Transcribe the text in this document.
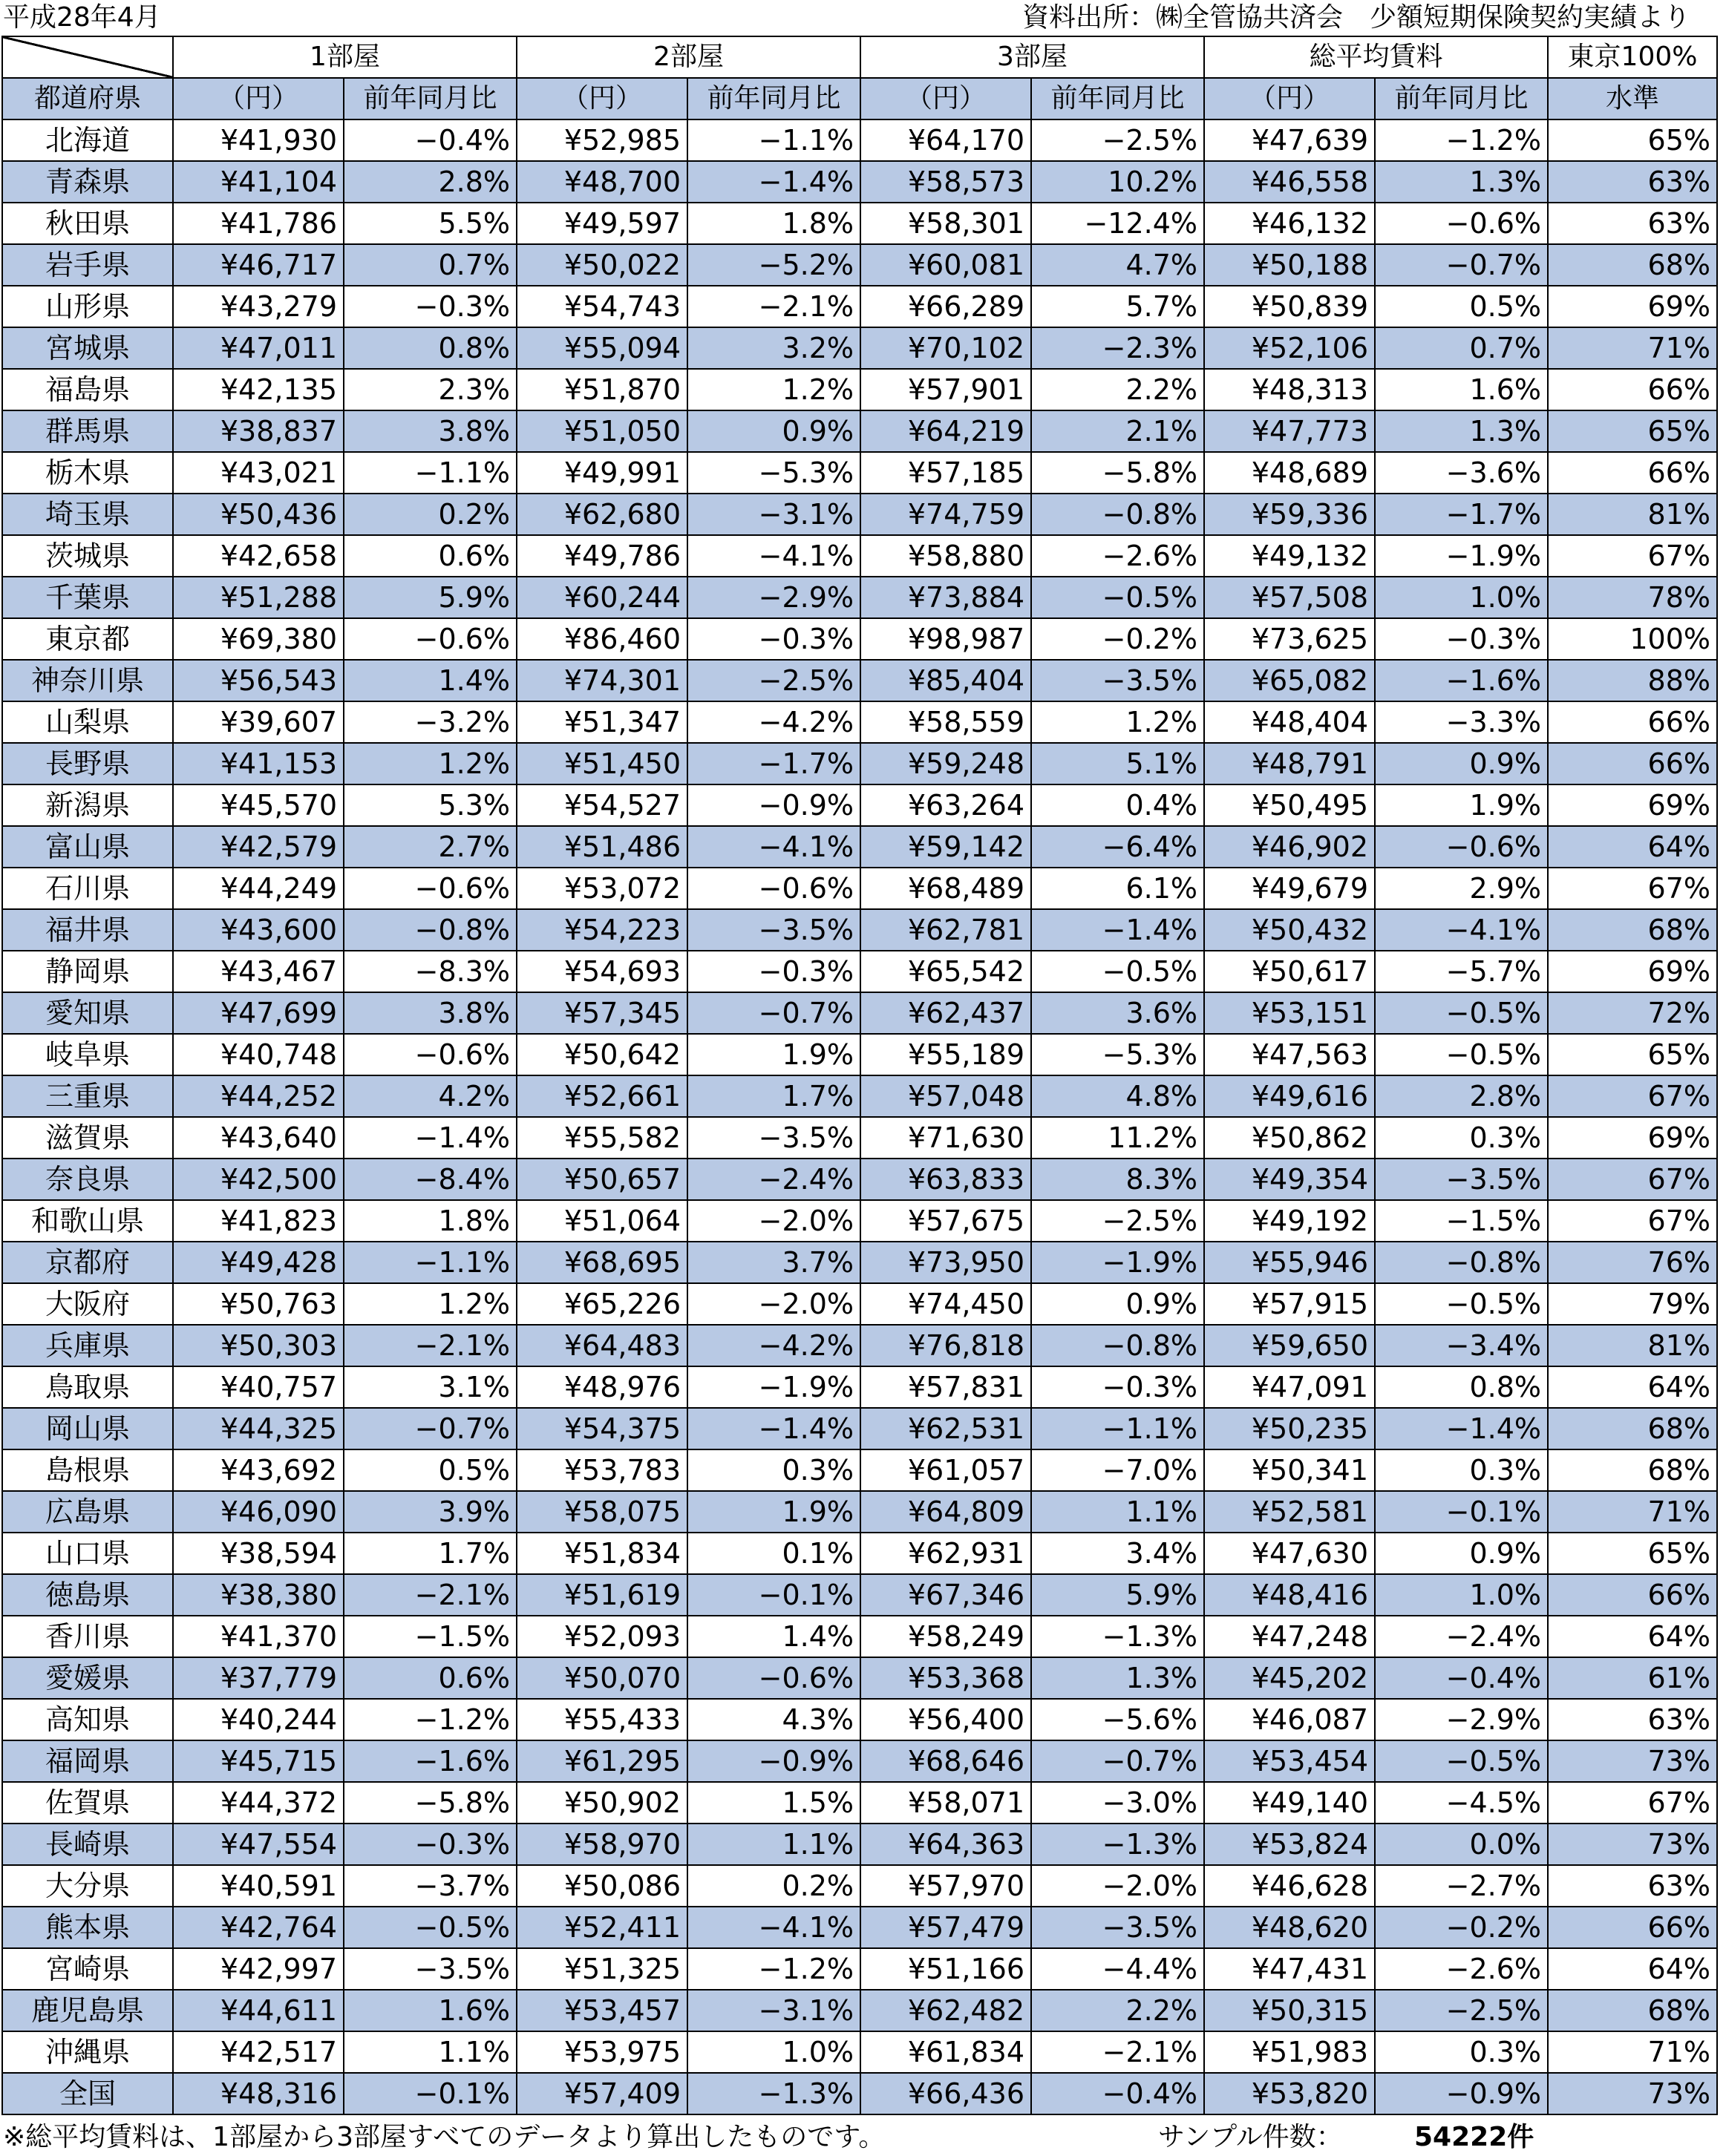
平成28年4月	資料出所：㈱全管協共済会　少額短期保険契約実績より
	1部屋		2部屋		3部屋		総平均賃料		東京100%
都道府県	（円）	前年同月比	（円）	前年同月比	（円）	前年同月比	（円）	前年同月比	水準
北海道	¥41,930	−0.4%	¥52,985	−1.1%	¥64,170	−2.5%	¥47,639	−1.2%	65%
青森県	¥41,104	2.8%	¥48,700	−1.4%	¥58,573	10.2%	¥46,558	1.3%	63%
秋田県	¥41,786	5.5%	¥49,597	1.8%	¥58,301	−12.4%	¥46,132	−0.6%	63%
岩手県	¥46,717	0.7%	¥50,022	−5.2%	¥60,081	4.7%	¥50,188	−0.7%	68%
山形県	¥43,279	−0.3%	¥54,743	−2.1%	¥66,289	5.7%	¥50,839	0.5%	69%
宮城県	¥47,011	0.8%	¥55,094	3.2%	¥70,102	−2.3%	¥52,106	0.7%	71%
福島県	¥42,135	2.3%	¥51,870	1.2%	¥57,901	2.2%	¥48,313	1.6%	66%
群馬県	¥38,837	3.8%	¥51,050	0.9%	¥64,219	2.1%	¥47,773	1.3%	65%
栃木県	¥43,021	−1.1%	¥49,991	−5.3%	¥57,185	−5.8%	¥48,689	−3.6%	66%
埼玉県	¥50,436	0.2%	¥62,680	−3.1%	¥74,759	−0.8%	¥59,336	−1.7%	81%
茨城県	¥42,658	0.6%	¥49,786	−4.1%	¥58,880	−2.6%	¥49,132	−1.9%	67%
千葉県	¥51,288	5.9%	¥60,244	−2.9%	¥73,884	−0.5%	¥57,508	1.0%	78%
東京都	¥69,380	−0.6%	¥86,460	−0.3%	¥98,987	−0.2%	¥73,625	−0.3%	100%
神奈川県	¥56,543	1.4%	¥74,301	−2.5%	¥85,404	−3.5%	¥65,082	−1.6%	88%
山梨県	¥39,607	−3.2%	¥51,347	−4.2%	¥58,559	1.2%	¥48,404	−3.3%	66%
長野県	¥41,153	1.2%	¥51,450	−1.7%	¥59,248	5.1%	¥48,791	0.9%	66%
新潟県	¥45,570	5.3%	¥54,527	−0.9%	¥63,264	0.4%	¥50,495	1.9%	69%
富山県	¥42,579	2.7%	¥51,486	−4.1%	¥59,142	−6.4%	¥46,902	−0.6%	64%
石川県	¥44,249	−0.6%	¥53,072	−0.6%	¥68,489	6.1%	¥49,679	2.9%	67%
福井県	¥43,600	−0.8%	¥54,223	−3.5%	¥62,781	−1.4%	¥50,432	−4.1%	68%
静岡県	¥43,467	−8.3%	¥54,693	−0.3%	¥65,542	−0.5%	¥50,617	−5.7%	69%
愛知県	¥47,699	3.8%	¥57,345	−0.7%	¥62,437	3.6%	¥53,151	−0.5%	72%
岐阜県	¥40,748	−0.6%	¥50,642	1.9%	¥55,189	−5.3%	¥47,563	−0.5%	65%
三重県	¥44,252	4.2%	¥52,661	1.7%	¥57,048	4.8%	¥49,616	2.8%	67%
滋賀県	¥43,640	−1.4%	¥55,582	−3.5%	¥71,630	11.2%	¥50,862	0.3%	69%
奈良県	¥42,500	−8.4%	¥50,657	−2.4%	¥63,833	8.3%	¥49,354	−3.5%	67%
和歌山県	¥41,823	1.8%	¥51,064	−2.0%	¥57,675	−2.5%	¥49,192	−1.5%	67%
京都府	¥49,428	−1.1%	¥68,695	3.7%	¥73,950	−1.9%	¥55,946	−0.8%	76%
大阪府	¥50,763	1.2%	¥65,226	−2.0%	¥74,450	0.9%	¥57,915	−0.5%	79%
兵庫県	¥50,303	−2.1%	¥64,483	−4.2%	¥76,818	−0.8%	¥59,650	−3.4%	81%
鳥取県	¥40,757	3.1%	¥48,976	−1.9%	¥57,831	−0.3%	¥47,091	0.8%	64%
岡山県	¥44,325	−0.7%	¥54,375	−1.4%	¥62,531	−1.1%	¥50,235	−1.4%	68%
島根県	¥43,692	0.5%	¥53,783	0.3%	¥61,057	−7.0%	¥50,341	0.3%	68%
広島県	¥46,090	3.9%	¥58,075	1.9%	¥64,809	1.1%	¥52,581	−0.1%	71%
山口県	¥38,594	1.7%	¥51,834	0.1%	¥62,931	3.4%	¥47,630	0.9%	65%
徳島県	¥38,380	−2.1%	¥51,619	−0.1%	¥67,346	5.9%	¥48,416	1.0%	66%
香川県	¥41,370	−1.5%	¥52,093	1.4%	¥58,249	−1.3%	¥47,248	−2.4%	64%
愛媛県	¥37,779	0.6%	¥50,070	−0.6%	¥53,368	1.3%	¥45,202	−0.4%	61%
高知県	¥40,244	−1.2%	¥55,433	4.3%	¥56,400	−5.6%	¥46,087	−2.9%	63%
福岡県	¥45,715	−1.6%	¥61,295	−0.9%	¥68,646	−0.7%	¥53,454	−0.5%	73%
佐賀県	¥44,372	−5.8%	¥50,902	1.5%	¥58,071	−3.0%	¥49,140	−4.5%	67%
長崎県	¥47,554	−0.3%	¥58,970	1.1%	¥64,363	−1.3%	¥53,824	0.0%	73%
大分県	¥40,591	−3.7%	¥50,086	0.2%	¥57,970	−2.0%	¥46,628	−2.7%	63%
熊本県	¥42,764	−0.5%	¥52,411	−4.1%	¥57,479	−3.5%	¥48,620	−0.2%	66%
宮崎県	¥42,997	−3.5%	¥51,325	−1.2%	¥51,166	−4.4%	¥47,431	−2.6%	64%
鹿児島県	¥44,611	1.6%	¥53,457	−3.1%	¥62,482	2.2%	¥50,315	−2.5%	68%
沖縄県	¥42,517	1.1%	¥53,975	1.0%	¥61,834	−2.1%	¥51,983	0.3%	71%
全国	¥48,316	−0.1%	¥57,409	−1.3%	¥66,436	−0.4%	¥53,820	−0.9%	73%
※総平均賃料は、1部屋から3部屋すべてのデータより算出したものです。	サンプル件数：	54222件
